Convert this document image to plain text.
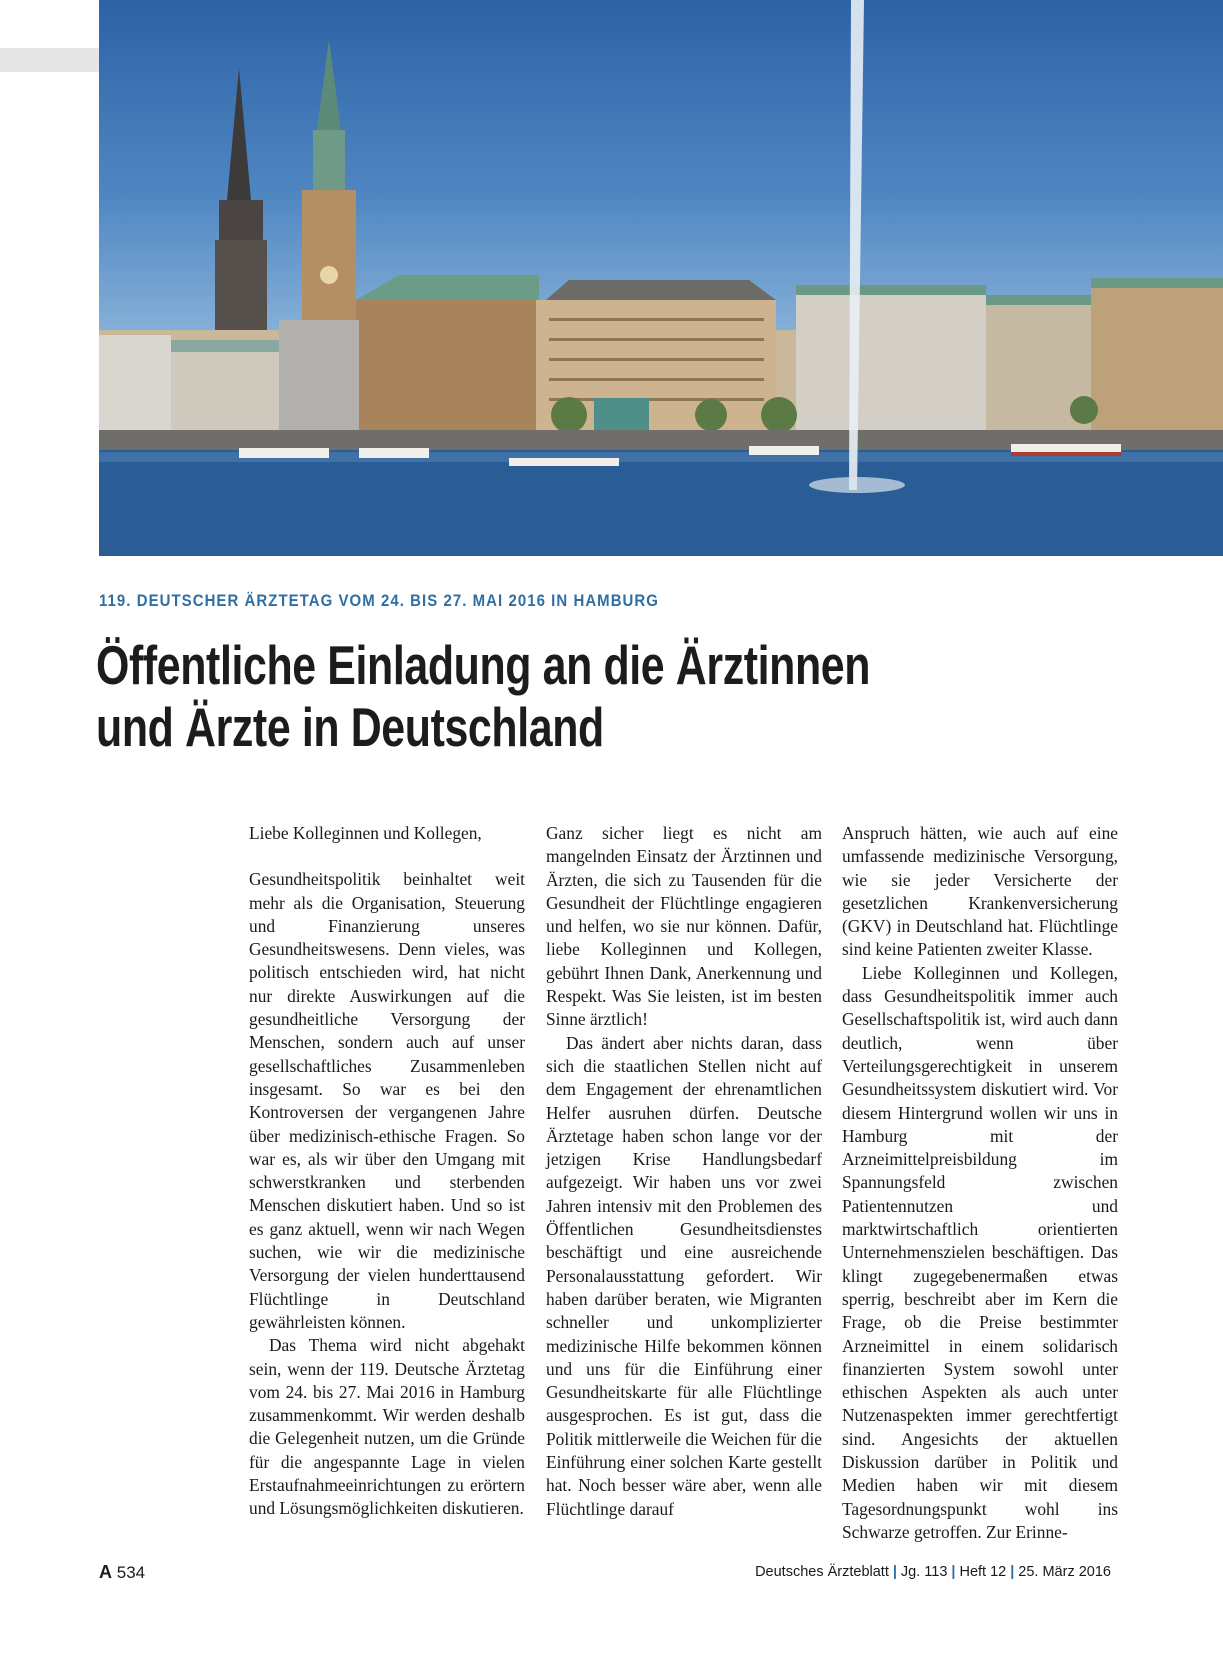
119. DEUTSCHER ÄRZTETAG VOM 24. BIS 27. MAI 2016 IN HAMBURG
Öffentliche Einladung an die Ärztinnen
und Ärzte in Deutschland

Liebe Kolleginnen und Kollegen,

Gesundheitspolitik beinhaltet weit mehr als die Organisation, Steuerung und Finanzierung unseres Gesundheitswesens. Denn vieles, was politisch entschieden wird, hat nicht nur direkte Auswirkungen auf die gesundheitliche Versorgung der Menschen, sondern auch auf unser gesellschaftliches Zusammenleben insgesamt. So war es bei den Kontroversen der vergangenen Jahre über medizinisch-ethische Fragen. So war es, als wir über den Umgang mit schwerstkranken und sterbenden Menschen diskutiert haben. Und so ist es ganz aktuell, wenn wir nach Wegen suchen, wie wir die medizinische Versorgung der vielen hunderttausend Flüchtlinge in Deutschland gewährleisten können.

Das Thema wird nicht abgehakt sein, wenn der 119. Deutsche Ärztetag vom 24. bis 27. Mai 2016 in Hamburg zusammenkommt. Wir werden deshalb die Gelegenheit nutzen, um die Gründe für die angespannte Lage in vielen Erstaufnahmeeinrichtungen zu erörtern und Lösungsmöglichkeiten diskutieren.

Ganz sicher liegt es nicht am mangelnden Einsatz der Ärztinnen und Ärzten, die sich zu Tausenden für die Gesundheit der Flüchtlinge engagieren und helfen, wo sie nur können. Dafür, liebe Kolleginnen und Kollegen, gebührt Ihnen Dank, Anerkennung und Respekt. Was Sie leisten, ist im besten Sinne ärztlich!

Das ändert aber nichts daran, dass sich die staatlichen Stellen nicht auf dem Engagement der ehrenamtlichen Helfer ausruhen dürfen. Deutsche Ärztetage haben schon lange vor der jetzigen Krise Handlungsbedarf aufgezeigt. Wir haben uns vor zwei Jahren intensiv mit den Problemen des Öffentlichen Gesundheitsdienstes beschäftigt und eine ausreichende Personalausstattung gefordert. Wir haben darüber beraten, wie Migranten schneller und unkomplizierter medizinische Hilfe bekommen können und uns für die Einführung einer Gesundheitskarte für alle Flüchtlinge ausgesprochen. Es ist gut, dass die Politik mittlerweile die Weichen für die Einführung einer solchen Karte gestellt hat. Noch besser wäre aber, wenn alle Flüchtlinge darauf

Anspruch hätten, wie auch auf eine umfassende medizinische Versorgung, wie sie jeder Versicherte der gesetzlichen Krankenversicherung (GKV) in Deutschland hat. Flüchtlinge sind keine Patienten zweiter Klasse.

Liebe Kolleginnen und Kollegen, dass Gesundheitspolitik immer auch Gesellschaftspolitik ist, wird auch dann deutlich, wenn über Verteilungsgerechtigkeit in unserem Gesundheitssystem diskutiert wird. Vor diesem Hintergrund wollen wir uns in Hamburg mit der Arzneimittelpreisbildung im Spannungsfeld zwischen Patientennutzen und marktwirtschaftlich orientierten Unternehmenszielen beschäftigen. Das klingt zugegebenermaßen etwas sperrig, beschreibt aber im Kern die Frage, ob die Preise bestimmter Arzneimittel in einem solidarisch finanzierten System sowohl unter ethischen Aspekten als auch unter Nutzenaspekten immer gerechtfertigt sind. Angesichts der aktuellen Diskussion darüber in Politik und Medien haben wir mit diesem Tagesordnungspunkt wohl ins Schwarze getroffen. Zur Erinne-

A 534	Deutsches Ärzteblatt | Jg. 113 | Heft 12 | 25. März 2016
